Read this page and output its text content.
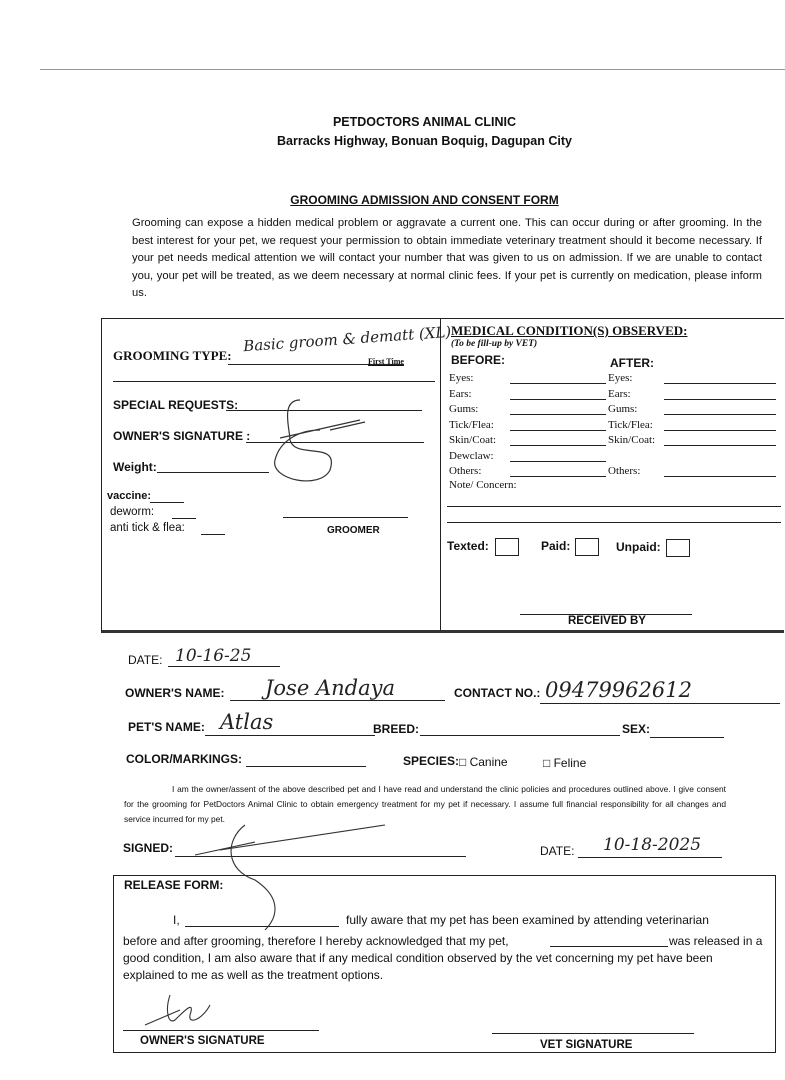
PETDOCTORS ANIMAL CLINIC
Barracks Highway, Bonuan Boquig, Dagupan City
GROOMING ADMISSION AND CONSENT FORM
Grooming can expose a hidden medical problem or aggravate a current one. This can occur during or after grooming. In the best interest for your pet, we request your permission to obtain immediate veterinary treatment should it become necessary. If your pet needs medical attention we will contact your number that was given to us on admission. If we are unable to contact you, your pet will be treated, as we deem necessary at normal clinic fees. If your pet is currently on medication, please inform us.
GROOMING TYPE:
Basic groom & dematt (XL)
First Time
SPECIAL REQUESTS:
OWNER'S SIGNATURE :
Weight:
vaccine:
deworm:
anti tick & flea:	GROOMER
MEDICAL CONDITION(S) OBSERVED:
(To be fill-up by VET)
BEFORE:	AFTER:
Eyes:	Eyes:
Ears:	Ears:
Gums:	Gums:
Tick/Flea:	Tick/Flea:
Skin/Coat:	Skin/Coat:
Dewclaw:
Others:	Others:
Note/ Concern:
Texted:	Paid:	Unpaid:
RECEIVED BY
DATE: 10-16-25
OWNER'S NAME: Jose Andaya	CONTACT NO.: 09479962612
PET'S NAME: Atlas	BREED:	SEX:
COLOR/MARKINGS:	SPECIES: □ Canine	□ Feline
I am the owner/assent of the above described pet and I have read and understand the clinic policies and procedures outlined above. I give consent for the grooming for PetDoctors Animal Clinic to obtain emergency treatment for my pet if necessary. I assume full financial responsibility for all changes and service incurred for my pet.
SIGNED:	DATE: 10-18-2025
RELEASE FORM:
I,	fully aware that my pet has been examined by attending veterinarian
before and after grooming, therefore I hereby acknowledged that my pet,	was released in a
good condition, I am also aware that if any medical condition observed by the vet concerning my pet have been
explained to me as well as the treatment options.
OWNER'S SIGNATURE	VET SIGNATURE
